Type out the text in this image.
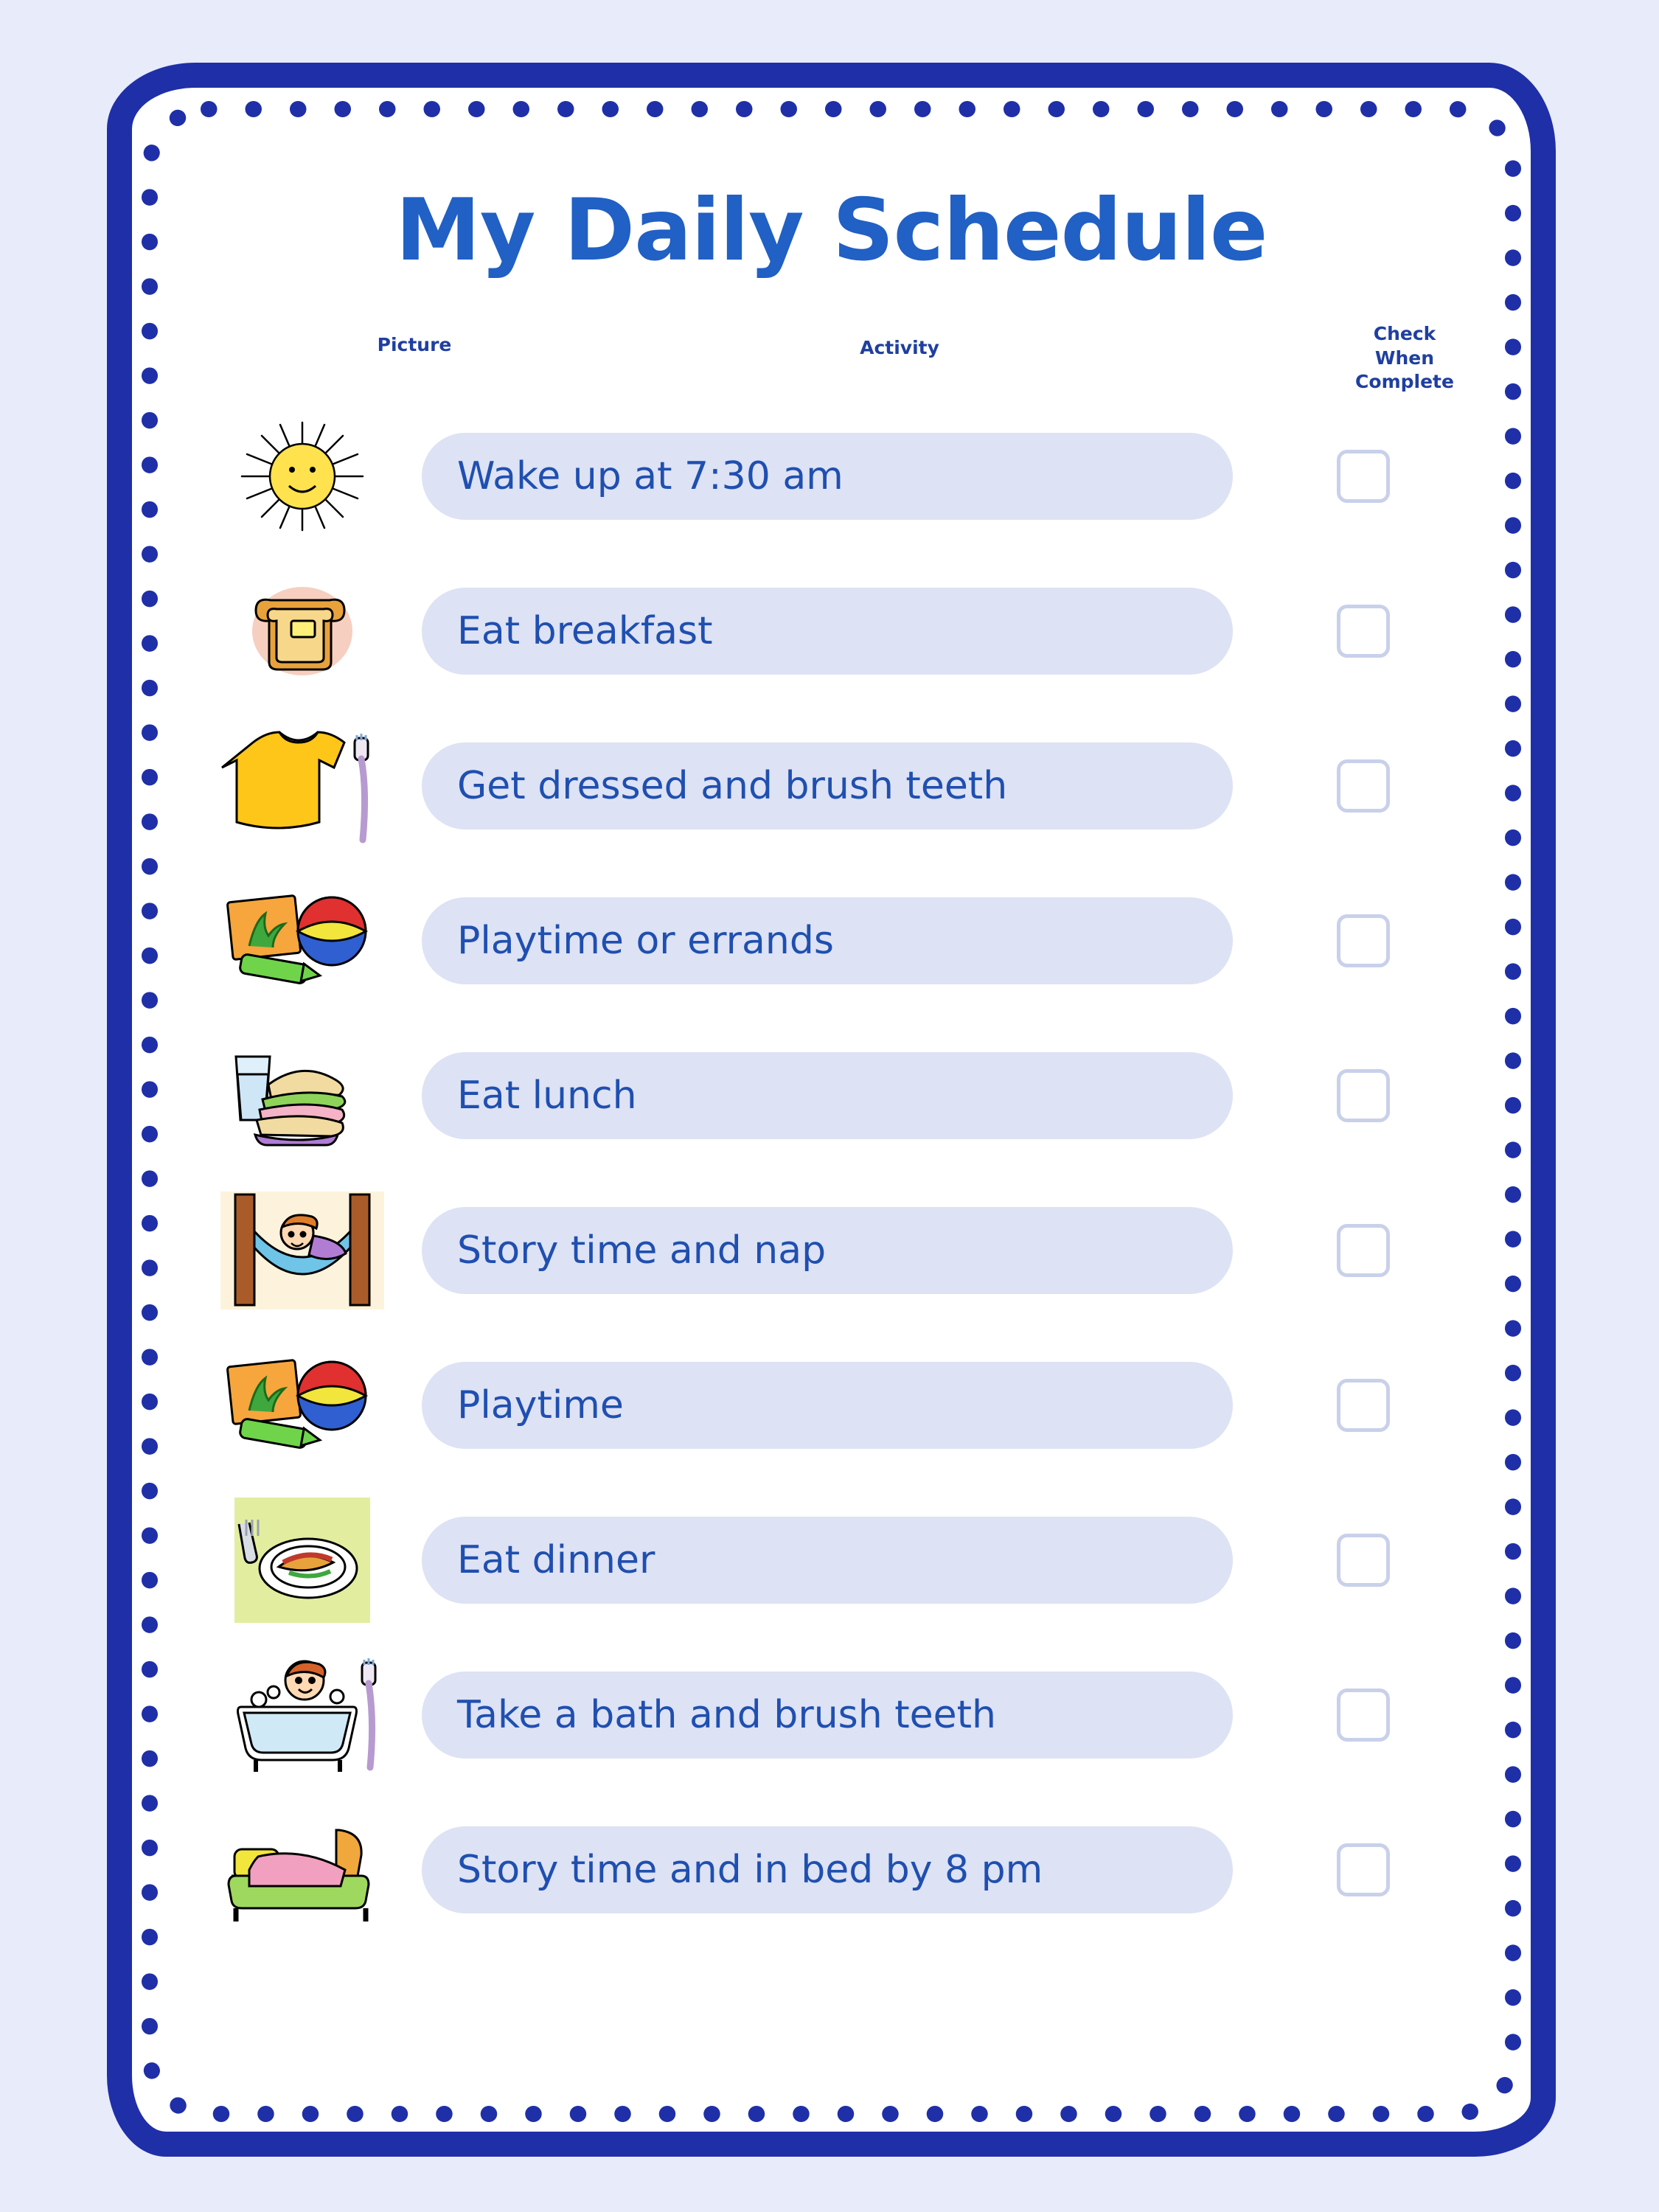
My Daily Schedule
Picture	Activity
Check
When
Complete
Wake up at 7:30 am
Eat breakfast
Get dressed and brush teeth
Playtime or errands
Eat lunch
Story time and nap
Playtime
Eat dinner
Take a bath and brush teeth
Story time and in bed by 8 pm
